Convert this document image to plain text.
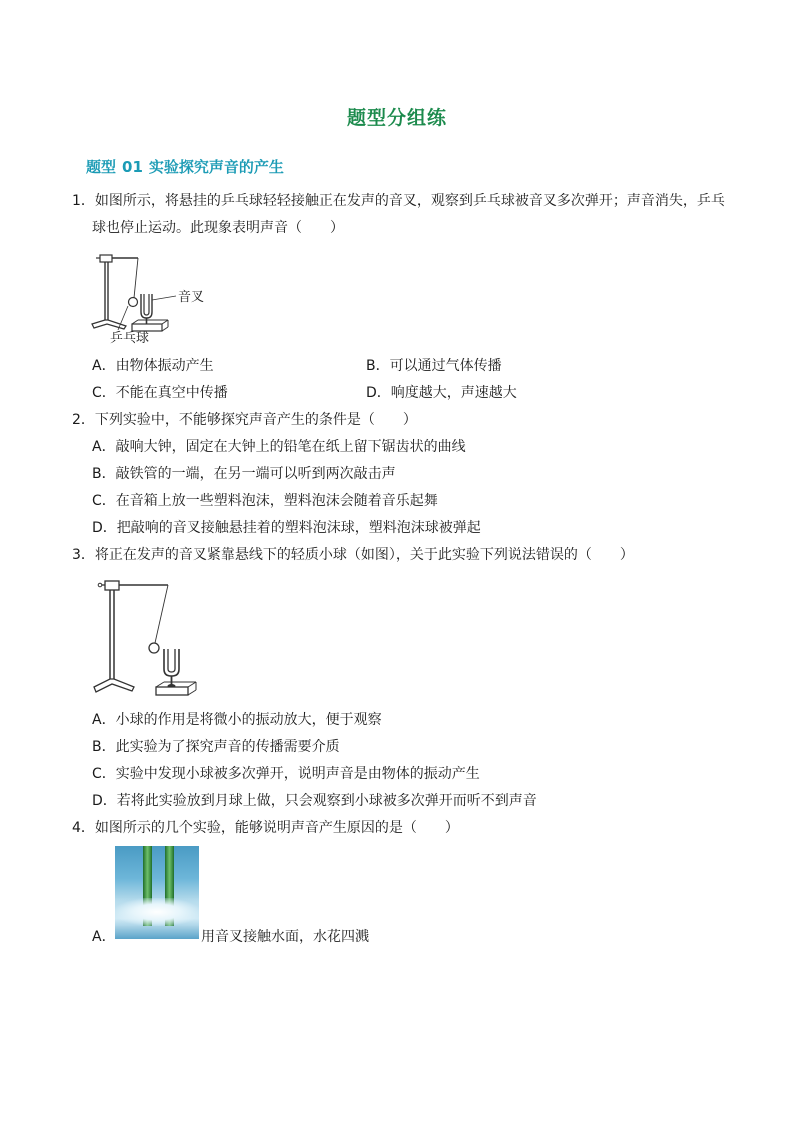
题型分组练
题型 01 实验探究声音的产生
1．如图所示，将悬挂的乒乓球轻轻接触正在发声的音叉，观察到乒乓球被音叉多次弹开；声音消失，乒乓
球也停止运动。此现象表明声音（　　）
音叉
乒乓球
A．由物体振动产生	B．可以通过气体传播
C．不能在真空中传播	D．响度越大，声速越大
2．下列实验中，不能够探究声音产生的条件是（　　）
A．敲响大钟，固定在大钟上的铅笔在纸上留下锯齿状的曲线
B．敲铁管的一端，在另一端可以听到两次敲击声
C．在音箱上放一些塑料泡沫，塑料泡沫会随着音乐起舞
D．把敲响的音叉接触悬挂着的塑料泡沫球，塑料泡沫球被弹起
3．将正在发声的音叉紧靠悬线下的轻质小球（如图），关于此实验下列说法错误的（　　）
A．小球的作用是将微小的振动放大，便于观察
B．此实验为了探究声音的传播需要介质
C．实验中发现小球被多次弹开，说明声音是由物体的振动产生
D．若将此实验放到月球上做，只会观察到小球被多次弹开而听不到声音
4．如图所示的几个实验，能够说明声音产生原因的是（　　）
A．	用音叉接触水面，水花四溅
